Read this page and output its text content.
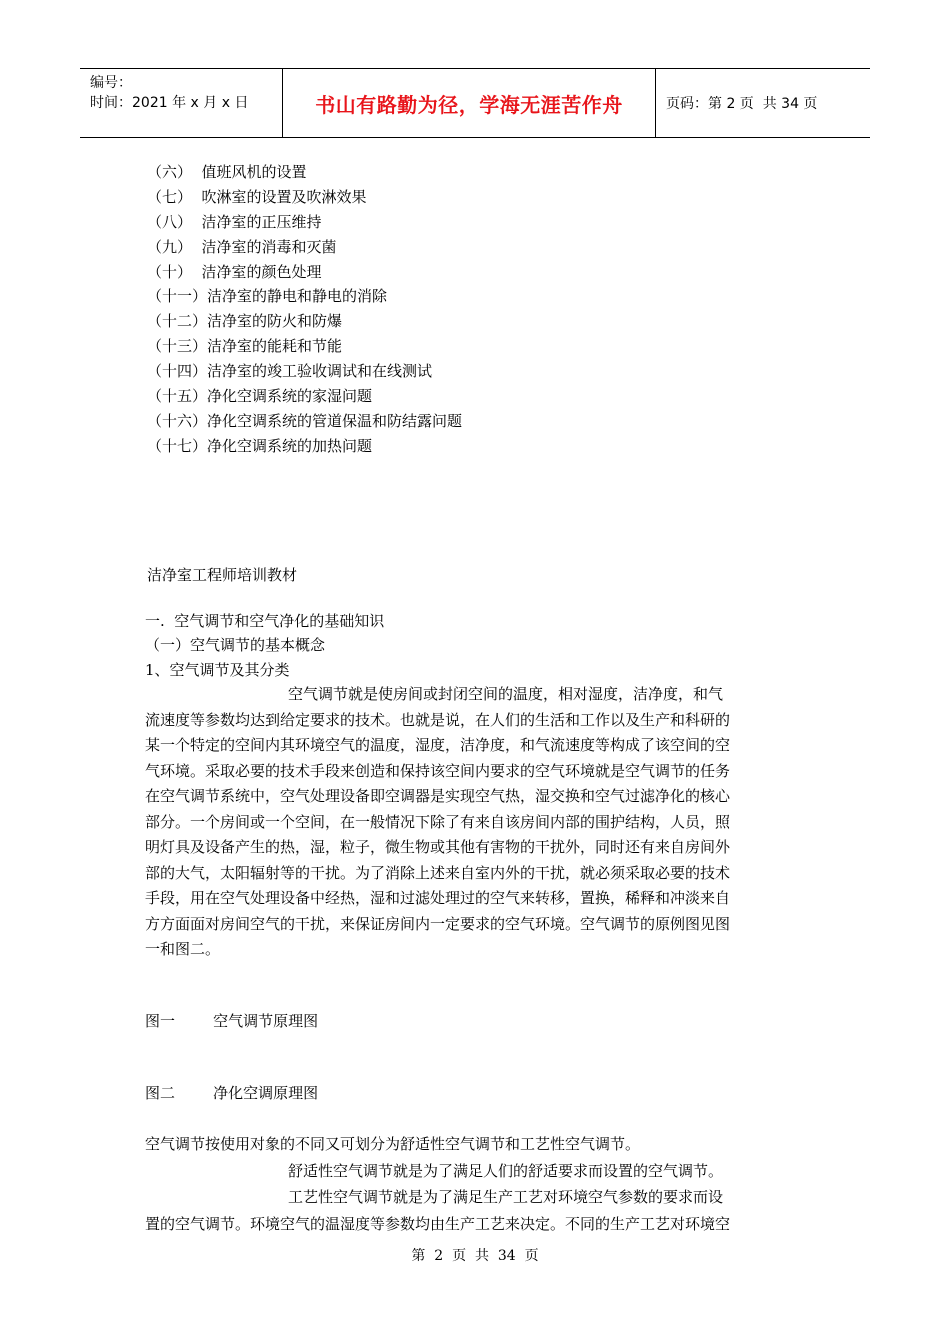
编号：
时间：2021 年 x 月 x 日	书山有路勤为径，学海无涯苦作舟	页码：第 2 页  共 34 页
（六）  值班风机的设置
（七）  吹淋室的设置及吹淋效果
（八）  洁净室的正压维持
（九）  洁净室的消毒和灭菌
（十）  洁净室的颜色处理
（十一）洁净室的静电和静电的消除
（十二）洁净室的防火和防爆
（十三）洁净室的能耗和节能
（十四）洁净室的竣工验收调试和在线测试
（十五）净化空调系统的家湿问题
（十六）净化空调系统的管道保温和防结露问题
（十七）净化空调系统的加热问题
洁净室工程师培训教材
一.  空气调节和空气净化的基础知识
（一）空气调节的基本概念
1、空气调节及其分类
空气调节就是使房间或封闭空间的温度，相对湿度，洁净度，和气
流速度等参数均达到给定要求的技术。也就是说，在人们的生活和工作以及生产和科研的
某一个特定的空间内其环境空气的温度，湿度，洁净度，和气流速度等构成了该空间的空
气环境。采取必要的技术手段来创造和保持该空间内要求的空气环境就是空气调节的任务
在空气调节系统中，空气处理设备即空调器是实现空气热，湿交换和空气过滤净化的核心
部分。一个房间或一个空间，在一般情况下除了有来自该房间内部的围护结构，人员，照
明灯具及设备产生的热，湿，粒子，微生物或其他有害物的干扰外，同时还有来自房间外
部的大气，太阳辐射等的干扰。为了消除上述来自室内外的干扰，就必须采取必要的技术
手段，用在空气处理设备中经热，湿和过滤处理过的空气来转移，置换，稀释和冲淡来自
方方面面对房间空气的干扰，来保证房间内一定要求的空气环境。空气调节的原例图见图
一和图二。
图一        空气调节原理图
图二        净化空调原理图
空气调节按使用对象的不同又可划分为舒适性空气调节和工艺性空气调节。
舒适性空气调节就是为了满足人们的舒适要求而设置的空气调节。
工艺性空气调节就是为了满足生产工艺对环境空气参数的要求而设
置的空气调节。环境空气的温湿度等参数均由生产工艺来决定。不同的生产工艺对环境空
第  2  页  共  34  页
